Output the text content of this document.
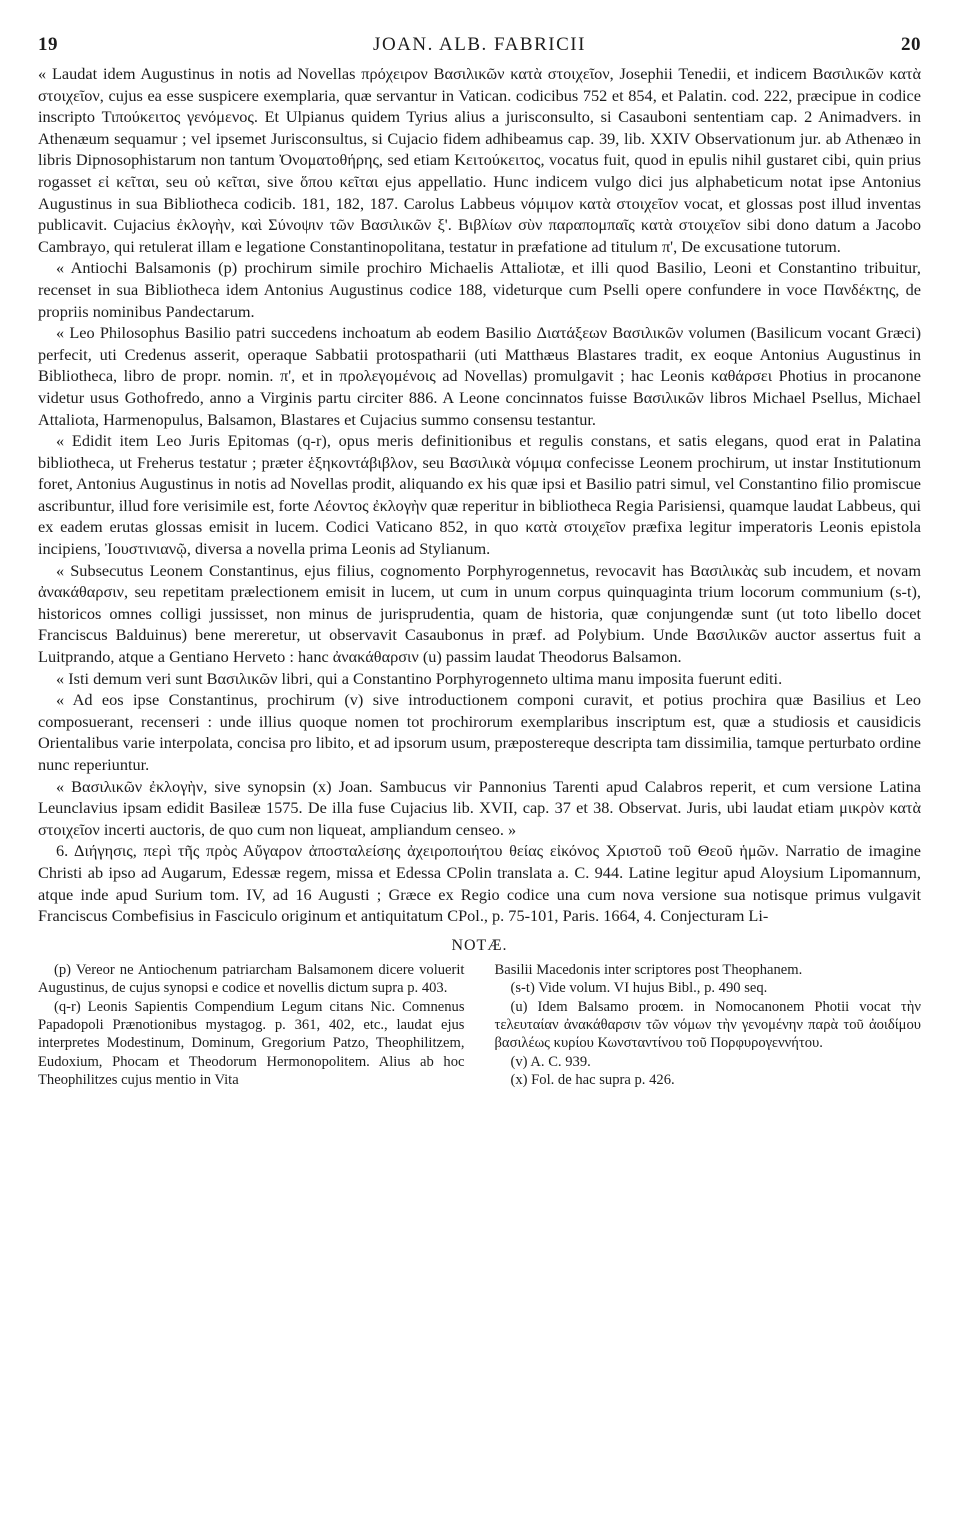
19	JOAN. ALB. FABRICII	20

« Laudat idem Augustinus in notis ad Novellas πρόχειρον Βασιλικῶν κατὰ στοιχεῖον, Josephii Tenedii, et indicem Βασιλικῶν κατὰ στοιχεῖον, cujus ea esse suspicere exemplaria, quæ servantur in Vatican. codicibus 752 et 854, et Palatin. cod. 222, præcipue in codice inscripto Τιπούκειτος γενόμενος. Et Ulpianus quidem Tyrius alius a jurisconsulto, si Casauboni sententiam cap. 2 Animadvers. in Athenæum sequamur ; vel ipsemet Jurisconsultus, si Cujacio fidem adhibeamus cap. 39, lib. XXIV Observationum jur. ab Athenæo in libris Dipnosophistarum non tantum Ὀνοματοθήρης, sed etiam Κειτούκειτος, vocatus fuit, quod in epulis nihil gustaret cibi, quin prius rogasset εἰ κεῖται, seu οὐ κεῖται, sive ὅπου κεῖται ejus appellatio. Hunc indicem vulgo dici jus alphabeticum notat ipse Antonius Augustinus in sua Bibliotheca codicib. 181, 182, 187. Carolus Labbeus νόμιμον κατὰ στοιχεῖον vocat, et glossas post illud inventas publicavit. Cujacius ἐκλογὴν, καὶ Σύνοψιν τῶν Βασιλικῶν ξ'. Βιβλίων σὺν παραπομπαῖς κατὰ στοιχεῖον sibi dono datum a Jacobo Cambrayo, qui retulerat illam e legatione Constantinopolitana, testatur in præfatione ad titulum π', De excusatione tutorum.

« Antiochi Balsamonis (p) prochirum simile prochiro Michaelis Attaliotæ, et illi quod Basilio, Leoni et Constantino tribuitur, recenset in sua Bibliotheca idem Antonius Augustinus codice 188, videturque cum Pselli opere confundere in voce Πανδέκτης, de propriis nominibus Pandectarum.

« Leo Philosophus Basilio patri succedens inchoatum ab eodem Basilio Διατάξεων Βασιλικῶν volumen (Basilicum vocant Græci) perfecit, uti Credenus asserit, operaque Sabbatii protospatharii (uti Matthæus Blastares tradit, ex eoque Antonius Augustinus in Bibliotheca, libro de propr. nomin. π', et in προλεγομένοις ad Novellas) promulgavit ; hac Leonis καθάρσει Photius in procanone videtur usus Gothofredo, anno a Virginis partu circiter 886. A Leone concinnatos fuisse Βασιλικῶν libros Michael Psellus, Michael Attaliota, Harmenopulus, Balsamon, Blastares et Cujacius summo consensu testantur.

« Edidit item Leo Juris Epitomas (q-r), opus meris definitionibus et regulis constans, et satis elegans, quod erat in Palatina bibliotheca, ut Freherus testatur ; præter ἑξηκοντάβιβλον, seu Βασιλικὰ νόμιμα confecisse Leonem prochirum, ut instar Institutionum foret, Antonius Augustinus in notis ad Novellas prodit, aliquando ex his quæ ipsi et Basilio patri simul, vel Constantino filio promiscue ascribuntur, illud fore verisimile est, forte Λέοντος ἐκλογὴν quæ reperitur in bibliotheca Regia Parisiensi, quamque laudat Labbeus, qui ex eadem erutas glossas emisit in lucem. Codici Vaticano 852, in quo κατὰ στοιχεῖον præfixa legitur imperatoris Leonis epistola incipiens, Ἰουστινιανῷ, diversa a novella prima Leonis ad Stylianum.

« Subsecutus Leonem Constantinus, ejus filius, cognomento Porphyrogennetus, revocavit has Βασιλικὰς sub incudem, et novam ἀνακάθαρσιν, seu repetitam prælectionem emisit in lucem, ut cum in unum corpus quinquaginta trium locorum communium (s-t), historicos omnes colligi jussisset, non minus de jurisprudentia, quam de historia, quæ conjungendæ sunt (ut toto libello docet Franciscus Balduinus) bene mereretur, ut observavit Casaubonus in præf. ad Polybium. Unde Βασιλικῶν auctor assertus fuit a Luitprando, atque a Gentiano Herveto : hanc ἀνακάθαρσιν (u) passim laudat Theodorus Balsamon.

« Isti demum veri sunt Βασιλικῶν libri, qui a Constantino Porphyrogenneto ultima manu imposita fuerunt editi.

« Ad eos ipse Constantinus, prochirum (v) sive introductionem componi curavit, et potius prochira quæ Basilius et Leo composuerant, recenseri : unde illius quoque nomen tot prochirorum exemplaribus inscriptum est, quæ a studiosis et causidicis Orientalibus varie interpolata, concisa pro libito, et ad ipsorum usum, præpostereque descripta tam dissimilia, tamque perturbato ordine nunc reperiuntur.

« Βασιλικῶν ἐκλογὴν, sive synopsin (x) Joan. Sambucus vir Pannonius Tarenti apud Calabros reperit, et cum versione Latina Leunclavius ipsam edidit Basileæ 1575. De illa fuse Cujacius lib. XVII, cap. 37 et 38. Observat. Juris, ubi laudat etiam μικρὸν κατὰ στοιχεῖον incerti auctoris, de quo cum non liqueat, ampliandum censeo. »

6. Διήγησις, περὶ τῆς πρὸς Αὔγαρον ἀποσταλείσης ἀχειροποιήτου θείας εἰκόνος Χριστοῦ τοῦ Θεοῦ ἡμῶν. Narratio de imagine Christi ab ipso ad Augarum, Edessæ regem, missa et Edessa CPolin translata a. C. 944. Latine legitur apud Aloysium Lipomannum, atque inde apud Surium tom. IV, ad 16 Augusti ; Græce ex Regio codice una cum nova versione sua notisque primus vulgavit Franciscus Combefisius in Fasciculo originum et antiquitatum CPol., p. 75-101, Paris. 1664, 4. Conjecturam Li-

NOTÆ.

(p) Vereor ne Antiochenum patriarcham Balsamonem dicere voluerit Augustinus, de cujus synopsi e codice et novellis dictum supra p. 403.

(q-r) Leonis Sapientis Compendium Legum citans Nic. Comnenus Papadopoli Prænotionibus mystagog. p. 361, 402, etc., laudat ejus interpretes Modestinum, Dominum, Gregorium Patzo, Theophilitzem, Eudoxium, Phocam et Theodorum Hermonopolitem. Alius ab hoc Theophilitzes cujus mentio in Vita

Basilii Macedonis inter scriptores post Theophanem.

(s-t) Vide volum. VI hujus Bibl., p. 490 seq.

(u) Idem Balsamo proœm. in Nomocanonem Photii vocat τὴν τελευταίαν ἀνακάθαρσιν τῶν νόμων τὴν γενομένην παρὰ τοῦ ἀοιδίμου βασιλέως κυρίου Κωνσταντίνου τοῦ Πορφυρογεννήτου.

(v) A. C. 939.

(x) Fol. de hac supra p. 426.
